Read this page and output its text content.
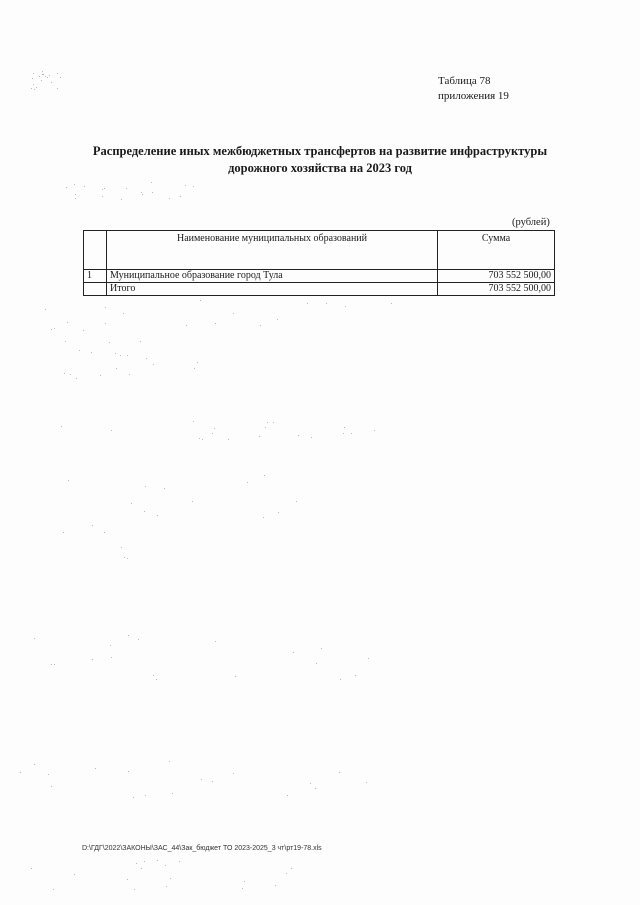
Таблица 78
приложения 19
Распределение иных межбюджетных трансфертов на развитие инфраструктуры
дорожного хозяйства на 2023 год
(рублей)
	Наименование муниципальных образований	Сумма
1	Муниципальное образование город Тула	703 552 500,00
	Итого	703 552 500,00
D:\ГДГ\2022\ЗАКОНЫ\ЗАС_44\Зак_бюджет ТО 2023-2025_3 чт\рт19-78.xls
